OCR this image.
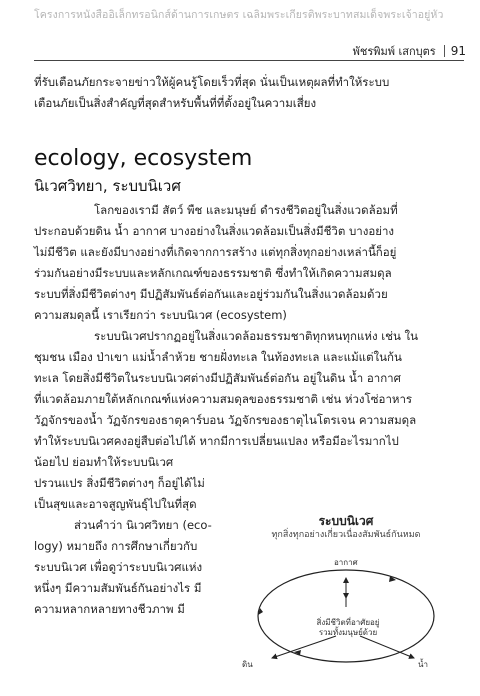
โครงการหนังสืออิเล็กทรอนิกส์ด้านการเกษตร เฉลิมพระเกียรติพระบาทสมเด็จพระเจ้าอยู่หัว
พัชรพิมพ์ เสกบุตร 91
ที่รับเตือนภัยกระจายข่าวให้ผู้คนรู้โดยเร็วที่สุด นั่นเป็นเหตุผลที่ทำให้ระบบ
เตือนภัยเป็นสิ่งสำคัญที่สุดสำหรับพื้นที่ที่ตั้งอยู่ในความเสี่ยง
ecology, ecosystem
นิเวศวิทยา, ระบบนิเวศ
โลกของเรามี สัตว์ พืช และมนุษย์ ดำรงชีวิตอยู่ในสิ่งแวดล้อมที่
ประกอบด้วยดิน น้ำ อากาศ บางอย่างในสิ่งแวดล้อมเป็นสิ่งมีชีวิต บางอย่าง
ไม่มีชีวิต และยังมีบางอย่างที่เกิดจากการสร้าง แต่ทุกสิ่งทุกอย่างเหล่านี้ก็อยู่
ร่วมกันอย่างมีระบบและหลักเกณฑ์ของธรรมชาติ ซึ่งทำให้เกิดความสมดุล
ระบบที่สิ่งมีชีวิตต่างๆ มีปฏิสัมพันธ์ต่อกันและอยู่ร่วมกันในสิ่งแวดล้อมด้วย
ความสมดุลนี้ เราเรียกว่า ระบบนิเวศ (ecosystem)
ระบบนิเวศปรากฏอยู่ในสิ่งแวดล้อมธรรมชาติทุกหนทุกแห่ง เช่น ใน
ชุมชน เมือง ป่าเขา แม่น้ำลำห้วย ชายฝั่งทะเล ในท้องทะเล และแม้แต่ในก้น
ทะเล โดยสิ่งมีชีวิตในระบบนิเวศต่างมีปฏิสัมพันธ์ต่อกัน อยู่ในดิน น้ำ อากาศ
ที่แวดล้อมภายใต้หลักเกณฑ์แห่งความสมดุลของธรรมชาติ เช่น ห่วงโซ่อาหาร
วัฏจักรของน้ำ วัฏจักรของธาตุคาร์บอน วัฏจักรของธาตุไนโตรเจน ความสมดุล
ทำให้ระบบนิเวศคงอยู่สืบต่อไปได้ หากมีการเปลี่ยนแปลง หรือมีอะไรมากไป
น้อยไป ย่อมทำให้ระบบนิเวศ
ปรวนแปร สิ่งมีชีวิตต่างๆ ก็อยู่ได้ไม่
เป็นสุขและอาจสูญพันธุ์ไปในที่สุด
ส่วนคำว่า นิเวศวิทยา (eco-
logy) หมายถึง การศึกษาเกี่ยวกับ
ระบบนิเวศ เพื่อดูว่าระบบนิเวศแห่ง
หนึ่งๆ มีความสัมพันธ์กันอย่างไร มี
ความหลากหลายทางชีวภาพ มี
ระบบนิเวศ
ทุกสิ่งทุกอย่างเกี่ยวเนื่องสัมพันธ์กันหมด
อากาศ
สิ่งมีชีวิตที่อาศัยอยู่
รวมทั้งมนุษย์ด้วย
ดิน	น้ำ
